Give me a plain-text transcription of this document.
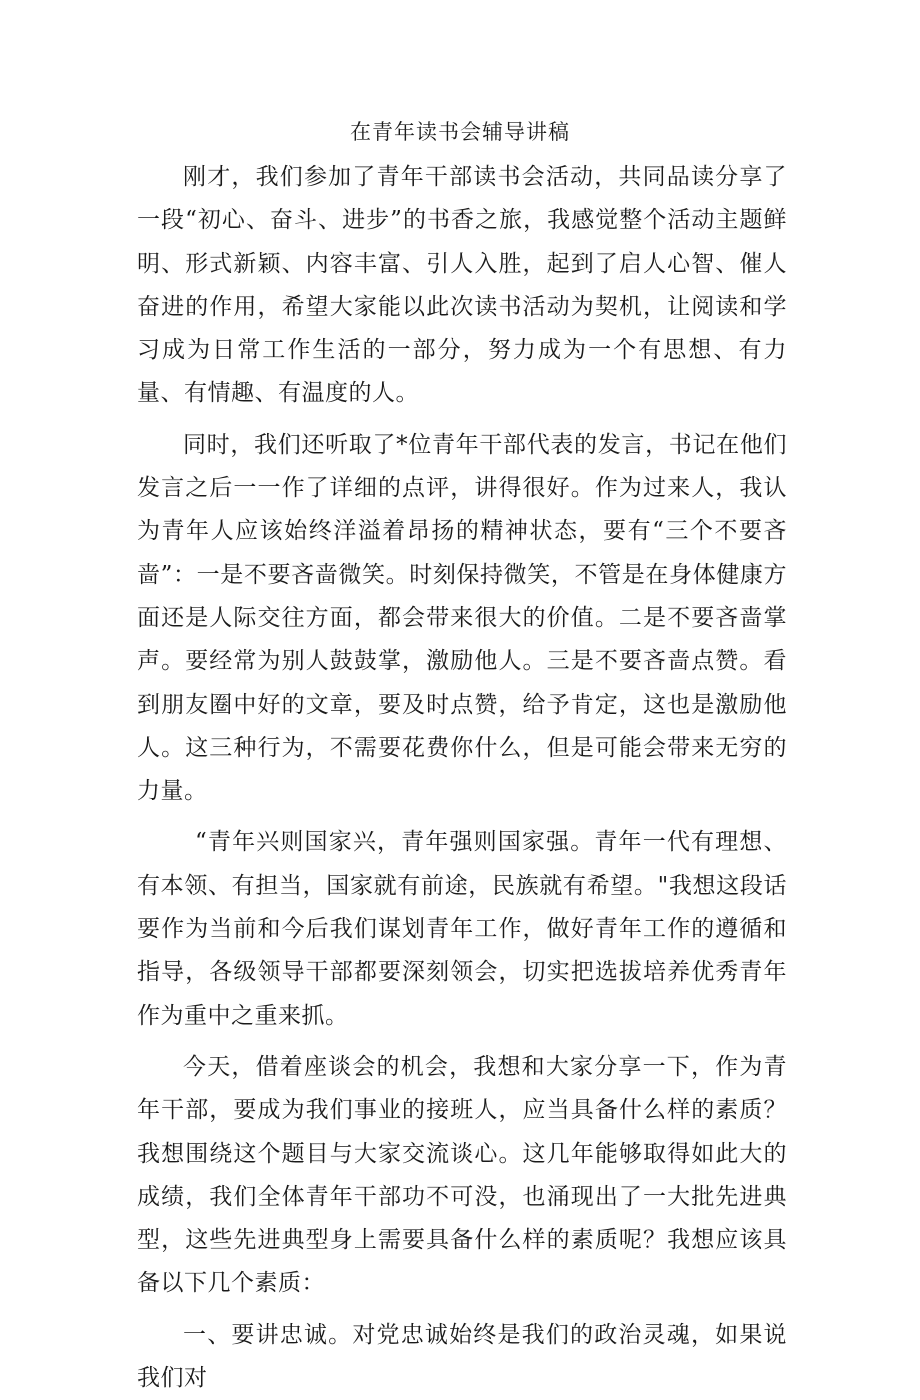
在青年读书会辅导讲稿

刚才，我们参加了青年干部读书会活动，共同品读分享了一段“初心、奋斗、进步”的书香之旅，我感觉整个活动主题鲜明、形式新颖、内容丰富、引人入胜，起到了启人心智、催人奋进的作用，希望大家能以此次读书活动为契机，让阅读和学习成为日常工作生活的一部分，努力成为一个有思想、有力量、有情趣、有温度的人。

同时，我们还听取了*位青年干部代表的发言，书记在他们发言之后一一作了详细的点评，讲得很好。作为过来人，我认为青年人应该始终洋溢着昂扬的精神状态，要有“三个不要吝啬”：一是不要吝啬微笑。时刻保持微笑，不管是在身体健康方面还是人际交往方面，都会带来很大的价值。二是不要吝啬掌声。要经常为别人鼓鼓掌，激励他人。三是不要吝啬点赞。看到朋友圈中好的文章，要及时点赞，给予肯定，这也是激励他人。这三种行为，不需要花费你什么，但是可能会带来无穷的力量。

“青年兴则国家兴，青年强则国家强。青年一代有理想、有本领、有担当，国家就有前途，民族就有希望。"我想这段话要作为当前和今后我们谋划青年工作，做好青年工作的遵循和指导，各级领导干部都要深刻领会，切实把选拔培养优秀青年作为重中之重来抓。

今天，借着座谈会的机会，我想和大家分享一下，作为青年干部，要成为我们事业的接班人，应当具备什么样的素质？我想围绕这个题目与大家交流谈心。这几年能够取得如此大的成绩，我们全体青年干部功不可没，也涌现出了一大批先进典型，这些先进典型身上需要具备什么样的素质呢？我想应该具备以下几个素质：

一、要讲忠诚。对党忠诚始终是我们的政治灵魂，如果说我们对
